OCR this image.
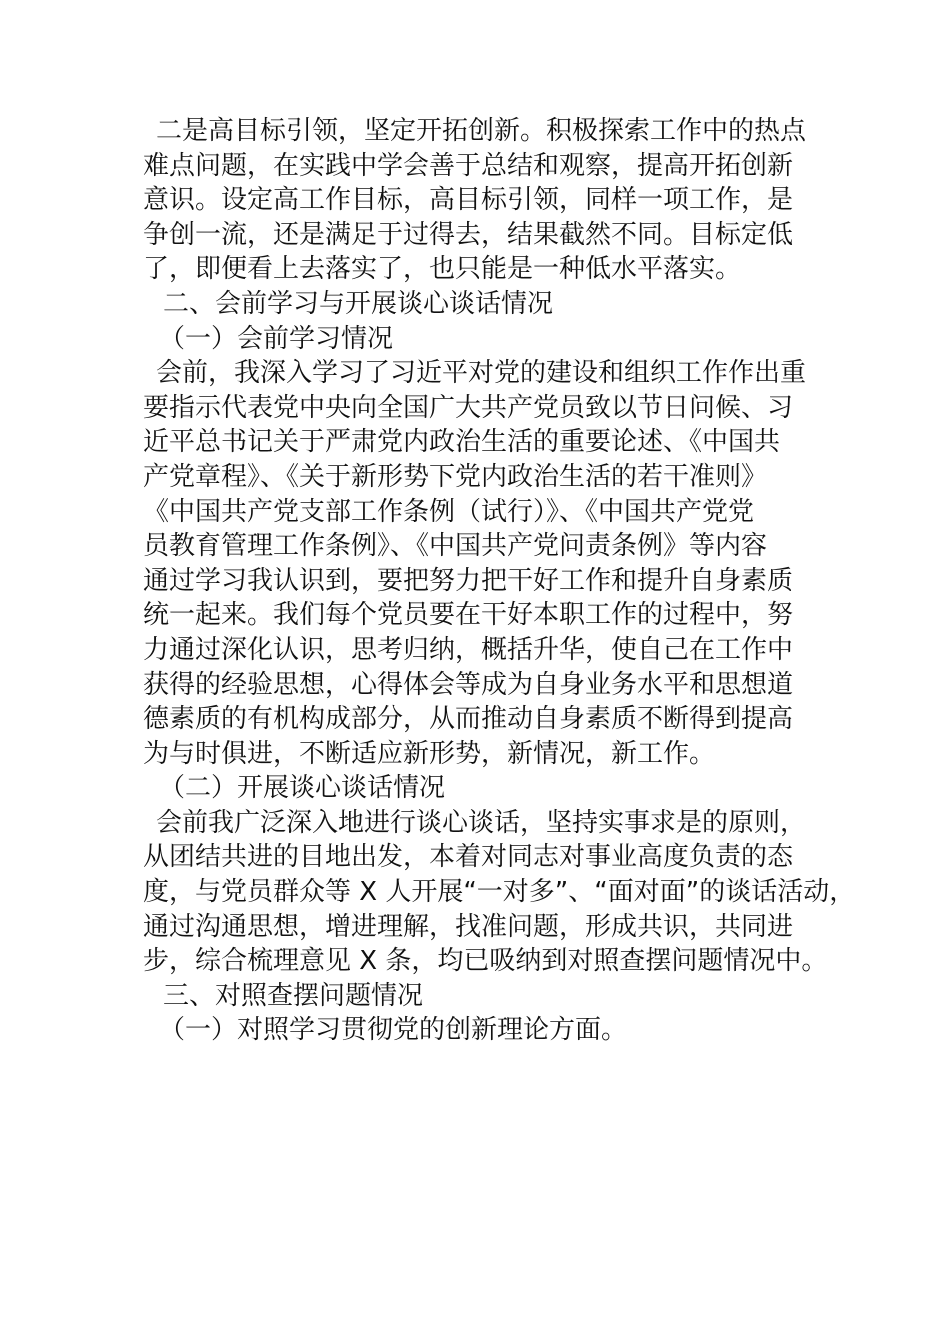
二是高目标引领，坚定开拓创新。积极探索工作中的热点
难点问题，在实践中学会善于总结和观察，提高开拓创新
意识。设定高工作目标，高目标引领，同样一项工作，是
争创一流，还是满足于过得去，结果截然不同。目标定低
了，即便看上去落实了，也只能是一种低水平落实。
二、会前学习与开展谈心谈话情况
（一）会前学习情况
会前，我深入学习了习近平对党的建设和组织工作作出重
要指示代表党中央向全国广大共产党员致以节日问候、习
近平总书记关于严肃党内政治生活的重要论述、《中国共
产党章程》、《关于新形势下党内政治生活的若干准则》
《中国共产党支部工作条例（试行）》、《中国共产党党
员教育管理工作条例》、《中国共产党问责条例》等内容
通过学习我认识到，要把努力把干好工作和提升自身素质
统一起来。我们每个党员要在干好本职工作的过程中，努
力通过深化认识，思考归纳，概括升华，使自己在工作中
获得的经验思想，心得体会等成为自身业务水平和思想道
德素质的有机构成部分，从而推动自身素质不断得到提高
为与时俱进，不断适应新形势，新情况，新工作。
（二）开展谈心谈话情况
会前我广泛深入地进行谈心谈话，坚持实事求是的原则，
从团结共进的目地出发，本着对同志对事业高度负责的态
度，与党员群众等 X 人开展“一对多”、“面对面”的谈话活动，
通过沟通思想，增进理解，找准问题，形成共识，共同进
步，综合梳理意见 X 条，均已吸纳到对照查摆问题情况中。
三、对照查摆问题情况
（一）对照学习贯彻党的创新理论方面。
